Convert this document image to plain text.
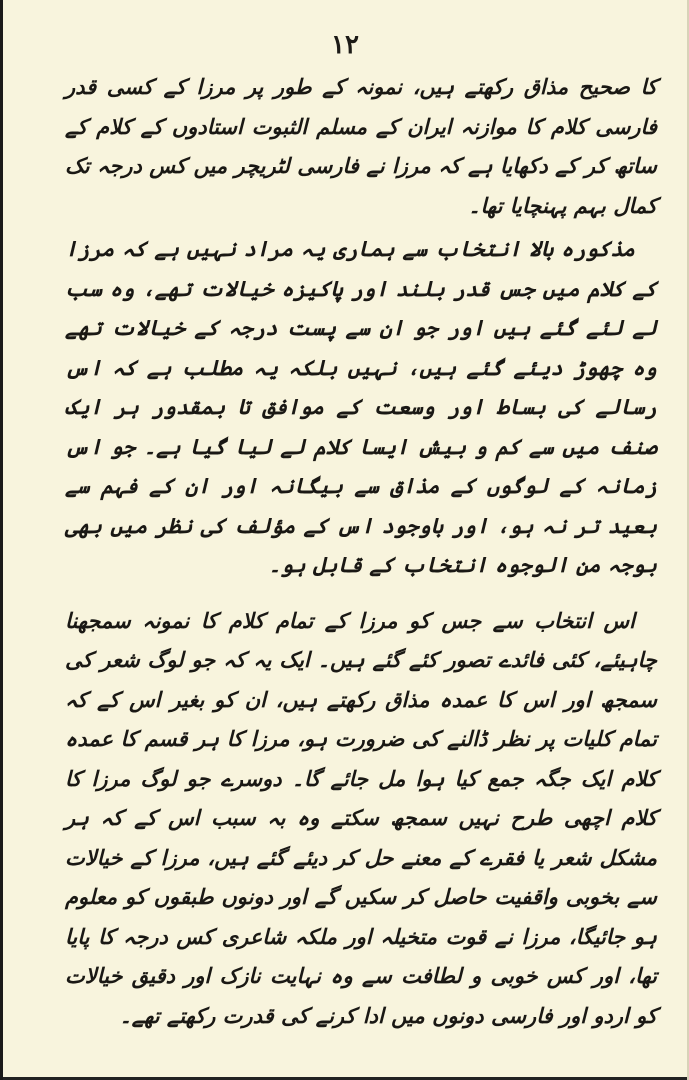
۱۲

کا صحیح مذاق رکھتے ہیں، نمونہ کے طور پر مرزا کے کسی قدر فارسی کلام کا موازنہ ایران کے مسلم الثبوت استادوں کے کلام کے ساتھ کر کے دکھایا ہے کہ مرزا نے فارسی لٹریچر میں کس درجہ تک کمال بہم پہنچایا تھا۔

مذکورہ بالا انتخاب سے ہماری یہ مراد نہیں ہے کہ مرزا کے کلام میں جس قدر بلند اور پاکیزہ خیالات تھے، وہ سب لے لئے گئے ہیں اور جو ان سے پست درجہ کے خیالات تھے وہ چھوڑ دیئے گئے ہیں، نہیں بلکہ یہ مطلب ہے کہ اس رسالے کی بساط اور وسعت کے موافق تا بمقدور ہر ایک صنف میں سے کم و بیش ایسا کلام لے لیا گیا ہے۔ جو اس زمانہ کے لوگوں کے مذاق سے بیگانہ اور ان کے فہم سے بعید تر نہ ہو، اور باوجود اس کے مؤلف کی نظر میں بھی بوجہ من الوجوہ انتخاب کے قابل ہو۔

اس انتخاب سے جس کو مرزا کے تمام کلام کا نمونہ سمجھنا چاہیئے، کئی فائدے تصور کئے گئے ہیں۔ ایک یہ کہ جو لوگ شعر کی سمجھ اور اس کا عمدہ مذاق رکھتے ہیں، ان کو بغیر اس کے کہ تمام کلیات پر نظر ڈالنے کی ضرورت ہو، مرزا کا ہر قسم کا عمدہ کلام ایک جگہ جمع کیا ہوا مل جائے گا۔ دوسرے جو لوگ مرزا کا کلام اچھی طرح نہیں سمجھ سکتے وہ بہ سبب اس کے کہ ہر مشکل شعر یا فقرے کے معنے حل کر دیئے گئے ہیں، مرزا کے خیالات سے بخوبی واقفیت حاصل کر سکیں گے اور دونوں طبقوں کو معلوم ہو جائیگا، مرزا نے قوت متخیلہ اور ملکہ شاعری کس درجہ کا پایا تھا، اور کس خوبی و لطافت سے وہ نہایت نازک اور دقیق خیالات کو اردو اور فارسی دونوں میں ادا کرنے کی قدرت رکھتے تھے۔
